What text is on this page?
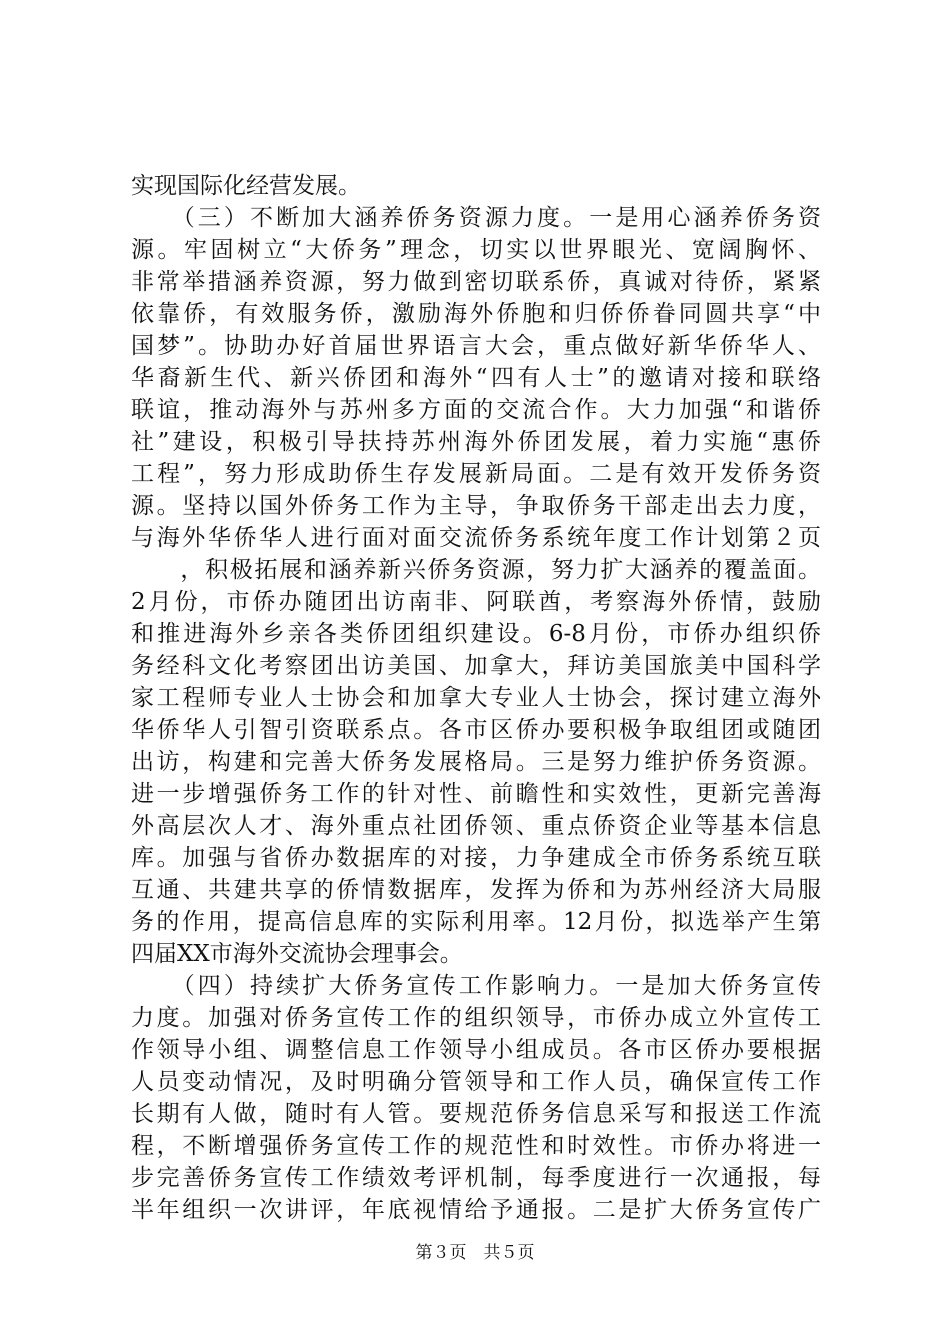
实现国际化经营发展。
　　（三）不断加大涵养侨务资源力度。一是用心涵养侨务资
源。牢固树立“大侨务”理念，切实以世界眼光、宽阔胸怀、
非常举措涵养资源，努力做到密切联系侨，真诚对待侨，紧紧
依靠侨，有效服务侨，激励海外侨胞和归侨侨眷同圆共享“中
国梦”。协助办好首届世界语言大会，重点做好新华侨华人、
华裔新生代、新兴侨团和海外“四有人士”的邀请对接和联络
联谊，推动海外与苏州多方面的交流合作。大力加强“和谐侨
社”建设，积极引导扶持苏州海外侨团发展，着力实施“惠侨
工程”，努力形成助侨生存发展新局面。二是有效开发侨务资
源。坚持以国外侨务工作为主导，争取侨务干部走出去力度，
与海外华侨华人进行面对面交流侨务系统年度工作计划第２页
　　，积极拓展和涵养新兴侨务资源，努力扩大涵养的覆盖面。
2月份，市侨办随团出访南非、阿联酋，考察海外侨情，鼓励
和推进海外乡亲各类侨团组织建设。6-8月份，市侨办组织侨
务经科文化考察团出访美国、加拿大，拜访美国旅美中国科学
家工程师专业人士协会和加拿大专业人士协会，探讨建立海外
华侨华人引智引资联系点。各市区侨办要积极争取组团或随团
出访，构建和完善大侨务发展格局。三是努力维护侨务资源。
进一步增强侨务工作的针对性、前瞻性和实效性，更新完善海
外高层次人才、海外重点社团侨领、重点侨资企业等基本信息
库。加强与省侨办数据库的对接，力争建成全市侨务系统互联
互通、共建共享的侨情数据库，发挥为侨和为苏州经济大局服
务的作用，提高信息库的实际利用率。12月份，拟选举产生第
四届XX市海外交流协会理事会。
　　（四）持续扩大侨务宣传工作影响力。一是加大侨务宣传
力度。加强对侨务宣传工作的组织领导，市侨办成立外宣传工
作领导小组、调整信息工作领导小组成员。各市区侨办要根据
人员变动情况，及时明确分管领导和工作人员，确保宣传工作
长期有人做，随时有人管。要规范侨务信息采写和报送工作流
程，不断增强侨务宣传工作的规范性和时效性。市侨办将进一
步完善侨务宣传工作绩效考评机制，每季度进行一次通报，每
半年组织一次讲评，年底视情给予通报。二是扩大侨务宣传广
第３页　共５页
